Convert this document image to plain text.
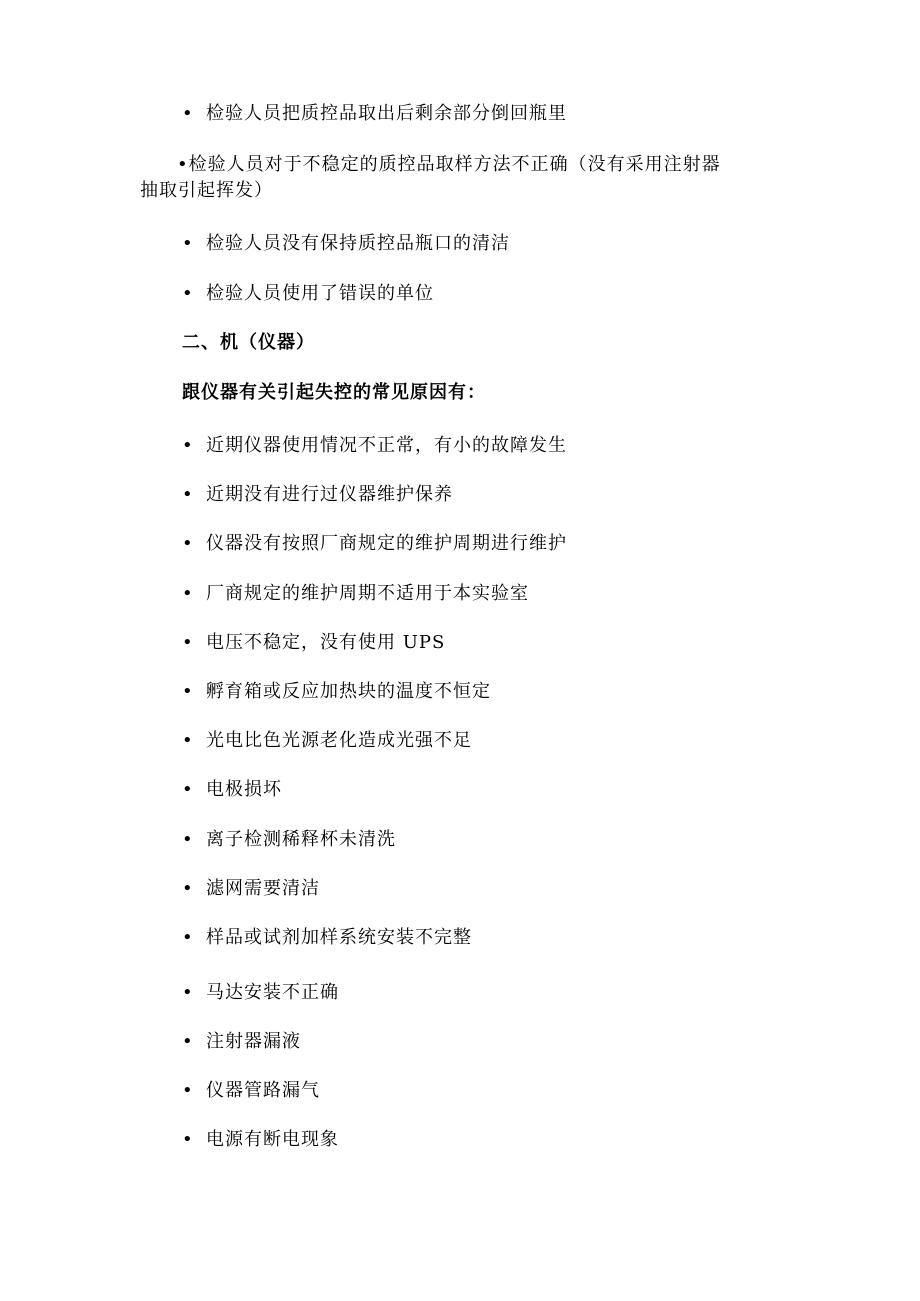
• 检验人员把质控品取出后剩余部分倒回瓶里
•检验人员对于不稳定的质控品取样方法不正确（没有采用注射器
抽取引起挥发）
• 检验人员没有保持质控品瓶口的清洁
• 检验人员使用了错误的单位
二、机（仪器）
跟仪器有关引起失控的常见原因有：
• 近期仪器使用情况不正常，有小的故障发生
• 近期没有进行过仪器维护保养
• 仪器没有按照厂商规定的维护周期进行维护
• 厂商规定的维护周期不适用于本实验室
• 电压不稳定，没有使用 UPS
• 孵育箱或反应加热块的温度不恒定
• 光电比色光源老化造成光强不足
• 电极损坏
• 离子检测稀释杯未清洗
• 滤网需要清洁
• 样品或试剂加样系统安装不完整
• 马达安装不正确
• 注射器漏液
• 仪器管路漏气
• 电源有断电现象
